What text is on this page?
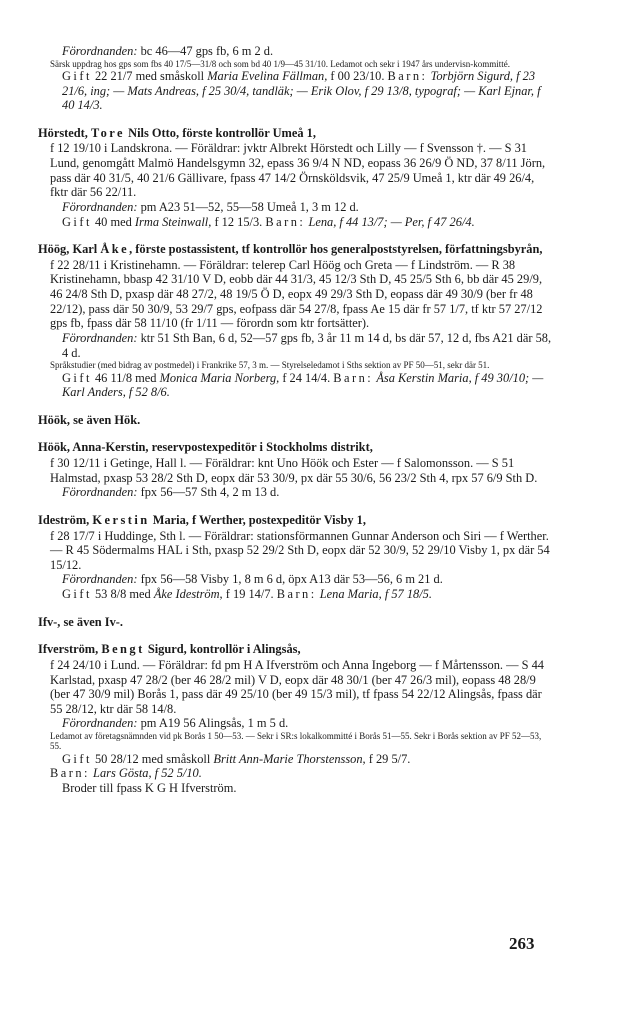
Förordnanden: bc 46—47 gps fb, 6 m 2 d.

Särsk uppdrag hos gps som fbs 40 17/5—31/8 och som bd 40 1/9—45 31/10. Ledamot och sekr i 1947 års undervisn-kommitté.

Gift 22 21/7 med småskoll Maria Evelina Fällman, f 00 23/10. Barn: Torbjörn Sigurd, f 23 21/6, ing; — Mats Andreas, f 25 30/4, tandläk; — Erik Olov, f 29 13/8, typograf; — Karl Ejnar, f 40 14/3.

Hörstedt, Tore Nils Otto, förste kontrollör Umeå 1,

f 12 19/10 i Landskrona. — Föräldrar: jvktr Albrekt Hörstedt och Lilly — f Svensson †. — S 31 Lund, genomgått Malmö Handelsgymn 32, epass 36 9/4 N ND, eopass 36 26/9 Ö ND, 37 8/11 Jörn, pass där 40 31/5, 40 21/6 Gällivare, fpass 47 14/2 Örnsköldsvik, 47 25/9 Umeå 1, ktr där 49 26/4, fktr där 56 22/11.

Förordnanden: pm A23 51—52, 55—58 Umeå 1, 3 m 12 d.

Gift 40 med Irma Steinwall, f 12 15/3. Barn: Lena, f 44 13/7; — Per, f 47 26/4.

Höög, Karl Åke, förste postassistent, tf kontrollör hos generalpoststyrelsen, författningsbyrån,

f 22 28/11 i Kristinehamn. — Föräldrar: telerep Carl Höög och Greta — f Lindström. — R 38 Kristinehamn, bbasp 42 31/10 V D, eobb där 44 31/3, 45 12/3 Sth D, 45 25/5 Sth 6, bb där 45 29/9, 46 24/8 Sth D, pxasp där 48 27/2, 48 19/5 Ö D, eopx 49 29/3 Sth D, eopass där 49 30/9 (ber fr 48 22/12), pass där 50 30/9, 53 29/7 gps, eofpass där 54 27/8, fpass Ae 15 där fr 57 1/7, tf ktr 57 27/12 gps fb, fpass där 58 11/10 (fr 1/11 — förordn som ktr fortsätter).

Förordnanden: ktr 51 Sth Ban, 6 d, 52—57 gps fb, 3 år 11 m 14 d, bs där 57, 12 d, fbs A21 där 58, 4 d.

Språkstudier (med bidrag av postmedel) i Frankrike 57, 3 m. — Styrelseledamot i Sths sektion av PF 50—51, sekr där 51.

Gift 46 11/8 med Monica Maria Norberg, f 24 14/4. Barn: Åsa Kerstin Maria, f 49 30/10; — Karl Anders, f 52 8/6.

Höök, se även Hök.

Höök, Anna-Kerstin, reservpostexpeditör i Stockholms distrikt,

f 30 12/11 i Getinge, Hall l. — Föräldrar: knt Uno Höök och Ester — f Salomonsson. — S 51 Halmstad, pxasp 53 28/2 Sth D, eopx där 53 30/9, px där 55 30/6, 56 23/2 Sth 4, rpx 57 6/9 Sth D.

Förordnanden: fpx 56—57 Sth 4, 2 m 13 d.

Ideström, Kerstin Maria, f Werther, postexpeditör Visby 1,

f 28 17/7 i Huddinge, Sth l. — Föräldrar: stationsförmannen Gunnar Anderson och Siri — f Werther. — R 45 Södermalms HAL i Sth, pxasp 52 29/2 Sth D, eopx där 52 30/9, 52 29/10 Visby 1, px där 54 15/12.

Förordnanden: fpx 56—58 Visby 1, 8 m 6 d, öpx A13 där 53—56, 6 m 21 d.

Gift 53 8/8 med Åke Ideström, f 19 14/7. Barn: Lena Maria, f 57 18/5.

Ifv-, se även Iv-.

Ifverström, Bengt Sigurd, kontrollör i Alingsås,

f 24 24/10 i Lund. — Föräldrar: fd pm H A Ifverström och Anna Ingeborg — f Mårtensson. — S 44 Karlstad, pxasp 47 28/2 (ber 46 28/2 mil) V D, eopx där 48 30/1 (ber 47 26/3 mil), eopass 48 28/9 (ber 47 30/9 mil) Borås 1, pass där 49 25/10 (ber 49 15/3 mil), tf fpass 54 22/12 Alingsås, fpass där 55 28/12, ktr där 58 14/8.

Förordnanden: pm A19 56 Alingsås, 1 m 5 d.

Ledamot av företagsnämnden vid pk Borås 1 50—53. — Sekr i SR:s lokalkommitté i Borås 51—55. Sekr i Borås sektion av PF 52—53, 55.

Gift 50 28/12 med småskoll Britt Ann-Marie Thorstensson, f 29 5/7.

Barn: Lars Gösta, f 52 5/10.

Broder till fpass K G H Ifverström.

263
